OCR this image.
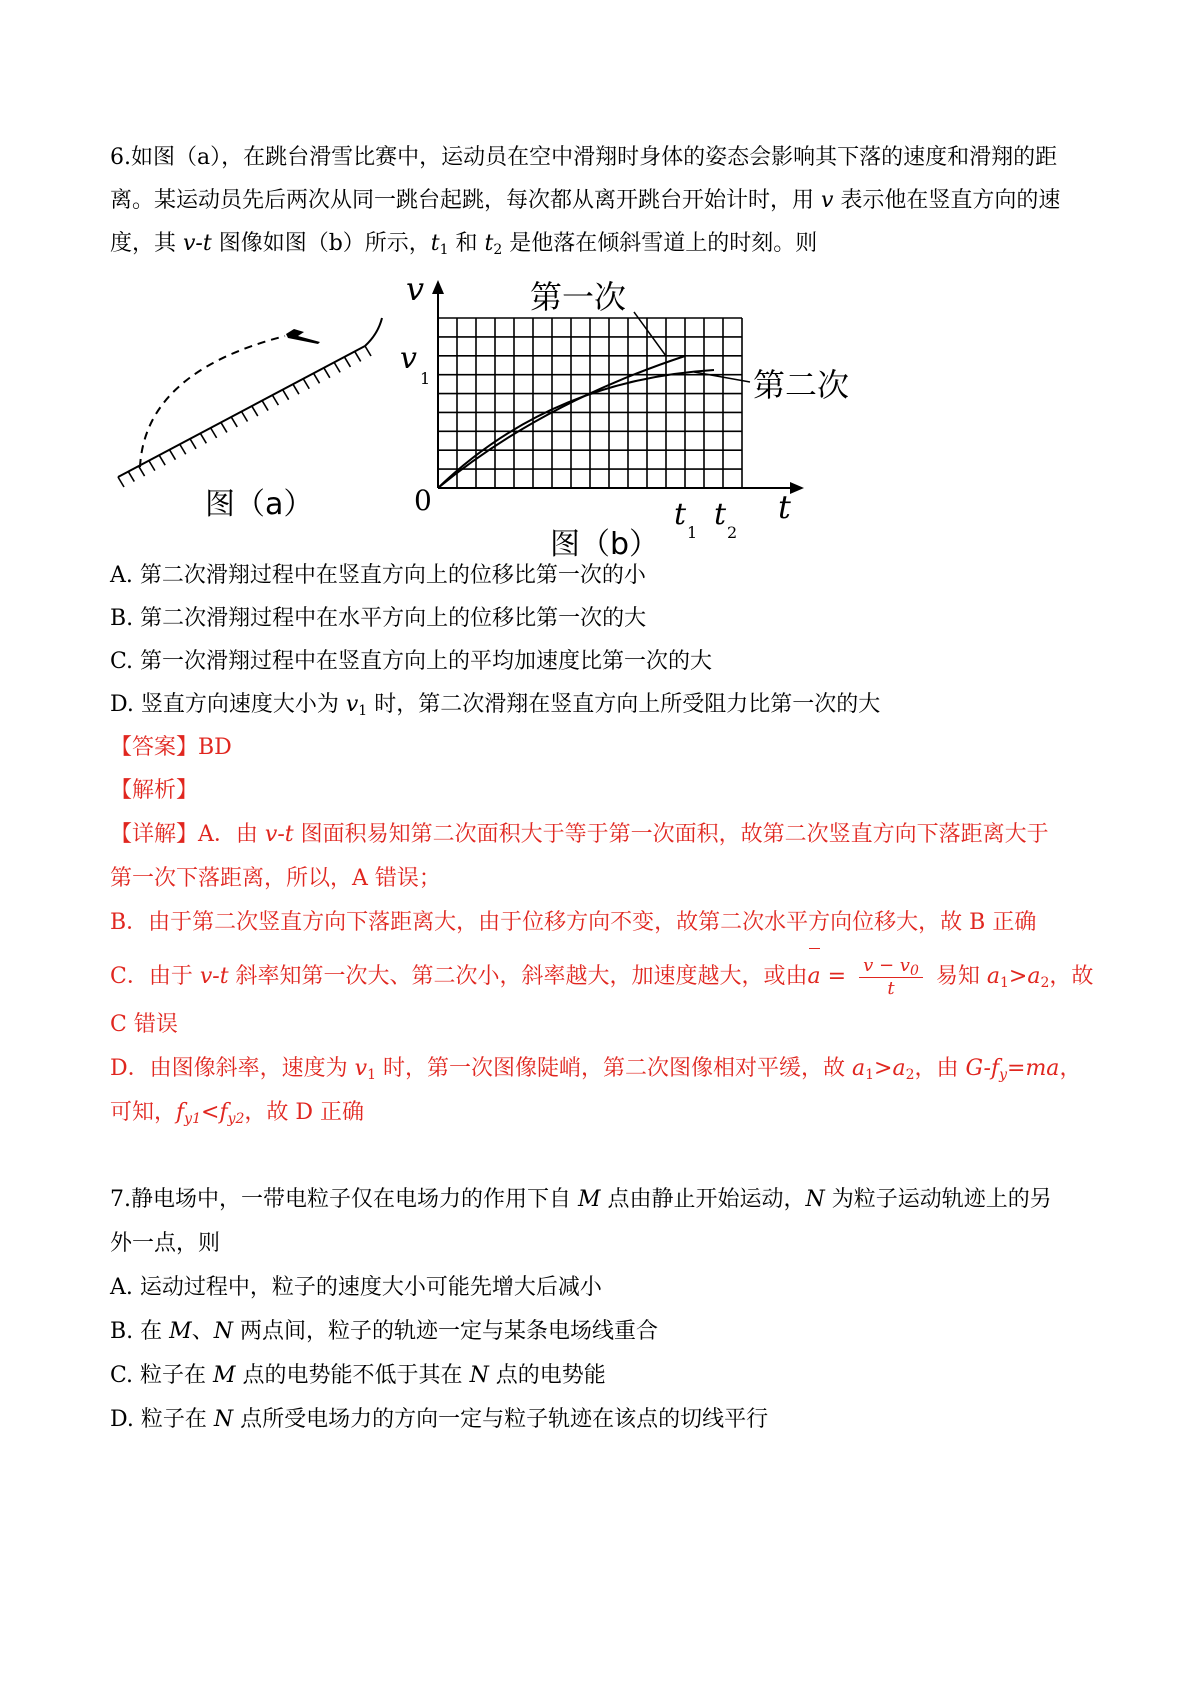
6.如图（a），在跳台滑雪比赛中，运动员在空中滑翔时身体的姿态会影响其下落的速度和滑翔的距
离。某运动员先后两次从同一跳台起跳，每次都从离开跳台开始计时，用 v 表示他在竖直方向的速
度，其 v-t 图像如图（b）所示，$t_1$ 和 $t_2$ 是他落在倾斜雪道上的时刻。则
图（a）
第一次
第二次
v
v
1
0	t
1
t
2
t
图（b）
A. 第二次滑翔过程中在竖直方向上的位移比第一次的小
B. 第二次滑翔过程中在水平方向上的位移比第一次的大
C. 第一次滑翔过程中在竖直方向上的平均加速度比第一次的大
D. 竖直方向速度大小为 $v_1$ 时，第二次滑翔在竖直方向上所受阻力比第一次的大
【答案】BD
【解析】
【详解】A．由 v-t 图面积易知第二次面积大于等于第一次面积，故第二次竖直方向下落距离大于
第一次下落距离，所以，A 错误；
B．由于第二次竖直方向下落距离大，由于位移方向不变，故第二次水平方向位移大，故 B 正确
C．由于 v-t 斜率知第一次大、第二次小，斜率越大，加速度越大，或由$a = \frac{v - v_0}{t}$ 易知 $a_1>a_2$，故
C 错误
D．由图像斜率，速度为 $v_1$ 时，第一次图像陡峭，第二次图像相对平缓，故 $a_1>a_2$，由 $G-f_y=ma$，
可知，$f_{y1}<f_{y2}$，故 D 正确
7.静电场中，一带电粒子仅在电场力的作用下自 M 点由静止开始运动，N 为粒子运动轨迹上的另
外一点，则
A. 运动过程中，粒子的速度大小可能先增大后减小
B. 在 M、N 两点间，粒子的轨迹一定与某条电场线重合
C. 粒子在 M 点的电势能不低于其在 N 点的电势能
D. 粒子在 N 点所受电场力的方向一定与粒子轨迹在该点的切线平行
